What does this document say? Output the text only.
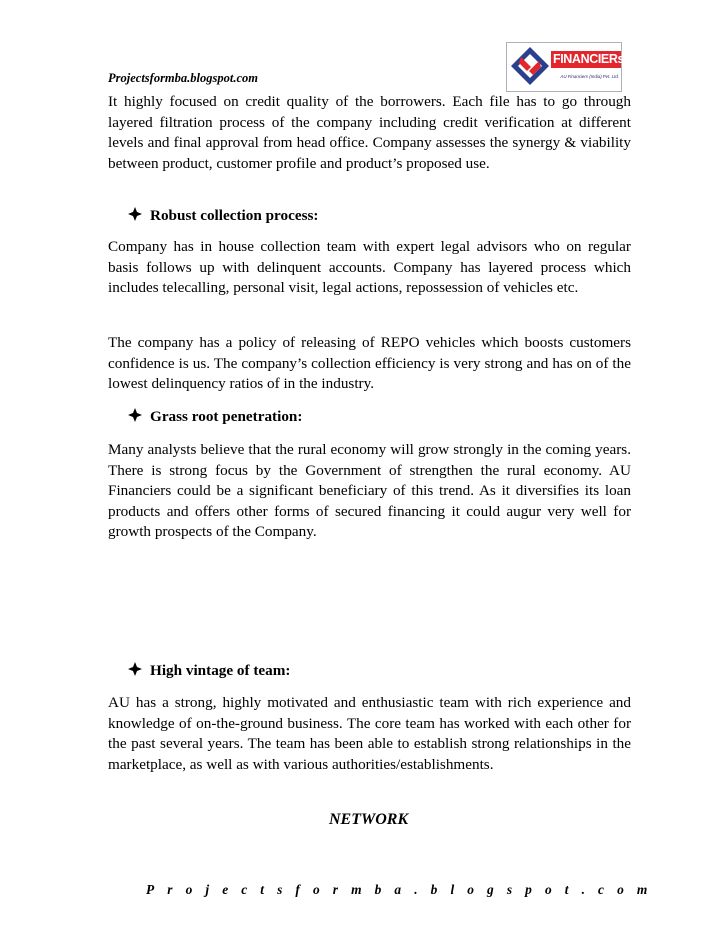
Projectsformba.blogspot.com
FINANCIERs
AU Financiers (India) Pvt. Ltd.

It highly focused on credit quality of the borrowers. Each file has to go through layered filtration process of the company including credit verification at different levels and final approval from head office. Company assesses the synergy & viability between product, customer profile and product’s proposed use.

Robust collection process:

Company has in house collection team with expert legal advisors who on regular basis follows up with delinquent accounts. Company has layered process which includes telecalling, personal visit, legal actions, repossession of vehicles etc.

The company has a policy of releasing of REPO vehicles which boosts customers confidence is us. The company’s collection efficiency is very strong and has on of the lowest delinquency ratios of in the industry.

Grass root penetration:

Many analysts believe that the rural economy will grow strongly in the coming years. There is strong focus by the Government of strengthen the rural economy. AU Financiers could be a significant beneficiary of this trend. As it diversifies its loan products and offers other forms of secured financing it could augur very well for growth prospects of the Company.

High vintage of team:

AU has a strong, highly motivated and enthusiastic team with rich experience and knowledge of on-the-ground business. The core team has worked with each other for the past several years. The team has been able to establish strong relationships in the marketplace, as well as with various authorities/establishments.

NETWORK
Projectsformba.blogspot.com
